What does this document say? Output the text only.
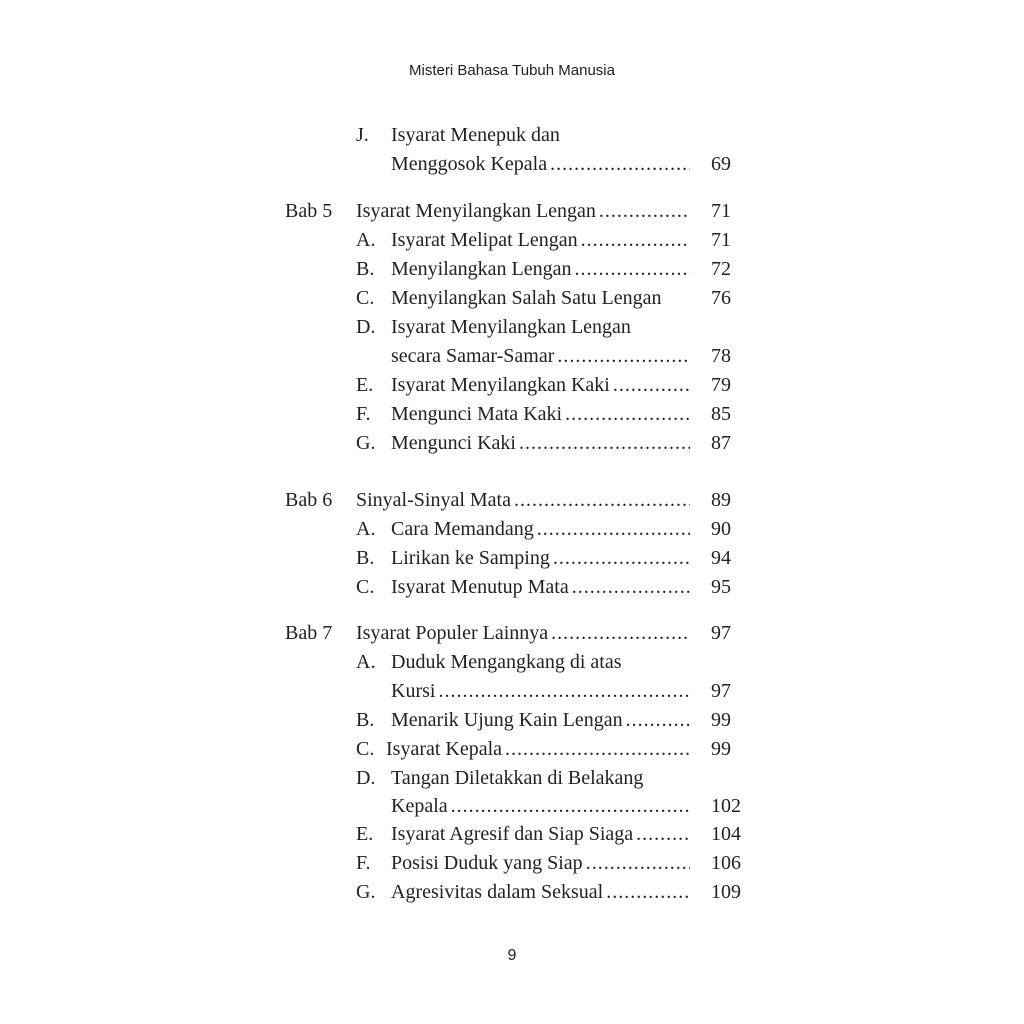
Misteri Bahasa Tubuh Manusia
J. Isyarat Menepuk dan
Menggosok Kepala .....	69
Bab 5 Isyarat Menyilangkan Lengan .....	71
A. Isyarat Melipat Lengan .....	71
B. Menyilangkan Lengan .....	72
C. Menyilangkan Salah Satu Lengan 76
D. Isyarat Menyilangkan Lengan
secara Samar-Samar .....	78
E. Isyarat Menyilangkan Kaki .....	79
F. Mengunci Mata Kaki .....	85
G. Mengunci Kaki .....	87
Bab 6 Sinyal-Sinyal Mata .....	89
A. Cara Memandang .....	90
B. Lirikan ke Samping .....	94
C. Isyarat Menutup Mata .....	95
Bab 7 Isyarat Populer Lainnya .....	97
A. Duduk Mengangkang di atas
Kursi .....	97
B. Menarik Ujung Kain Lengan .....	99
C. Isyarat Kepala .....	99
D. Tangan Diletakkan di Belakang
Kepala .....	102
E. Isyarat Agresif dan Siap Siaga .....	104
F. Posisi Duduk yang Siap .....	106
G. Agresivitas dalam Seksual .....	109
9
